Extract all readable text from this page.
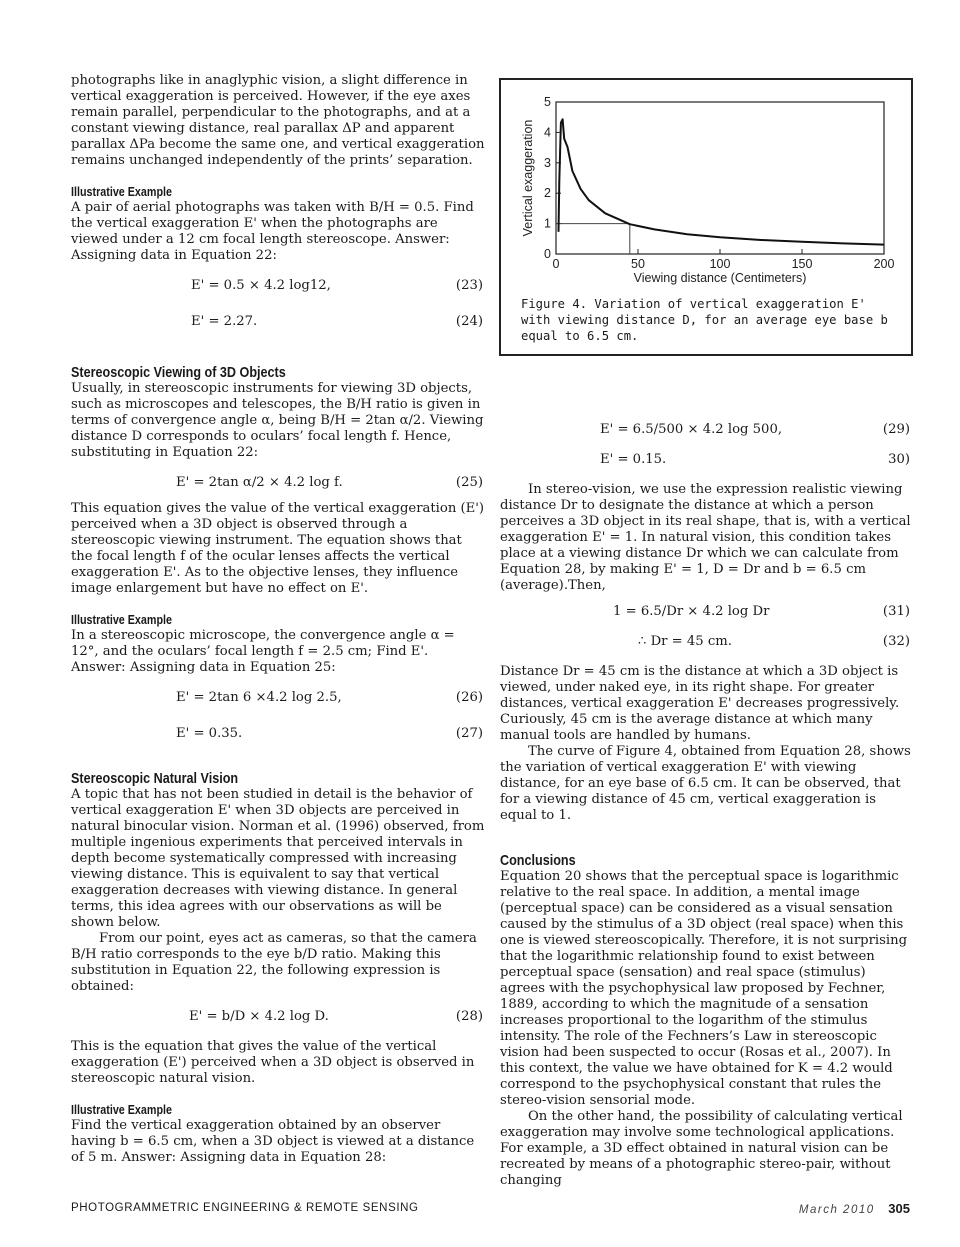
photographs like in anaglyphic vision, a slight difference in vertical exaggeration is perceived. However, if the eye axes remain parallel, perpendicular to the photographs, and at a constant viewing distance, real parallax ΔP and apparent parallax ΔPa become the same one, and vertical exaggeration remains unchanged independently of the prints’ separation.

Illustrative Example

A pair of aerial photographs was taken with B/H = 0.5. Find the vertical exaggeration E' when the photographs are viewed under a 12 cm focal length stereoscope. Answer: Assigning data in Equation 22:

E' = 0.5 × 4.2 log12,	(23)
E' = 2.27.	(24)
Stereoscopic Viewing of 3D Objects

Usually, in stereoscopic instruments for viewing 3D objects, such as microscopes and telescopes, the B/H ratio is given in terms of convergence angle α, being B/H = 2tan α/2. Viewing distance D corresponds to oculars’ focal length f. Hence, substituting in Equation 22:

E' = 2tan α/2 × 4.2 log f.	(25)

This equation gives the value of the vertical exaggeration (E') perceived when a 3D object is observed through a stereoscopic viewing instrument. The equation shows that the focal length f of the ocular lenses affects the vertical exaggeration E'. As to the objective lenses, they influence image enlargement but have no effect on E'.

Illustrative Example

In a stereoscopic microscope, the convergence angle α = 12°, and the oculars’ focal length f = 2.5 cm; Find E'. Answer: Assigning data in Equation 25:

E' = 2tan 6 ×4.2 log 2.5,	(26)
E' = 0.35.	(27)
Stereoscopic Natural Vision

A topic that has not been studied in detail is the behavior of vertical exaggeration E' when 3D objects are perceived in natural binocular vision. Norman et al. (1996) observed, from multiple ingenious experiments that perceived intervals in depth become systematically compressed with increasing viewing distance. This is equivalent to say that vertical exaggeration decreases with viewing distance. In general terms, this idea agrees with our observations as will be shown below.

From our point, eyes act as cameras, so that the camera B/H ratio corresponds to the eye b/D ratio. Making this substitution in Equation 22, the following expression is obtained:

E' = b/D × 4.2 log D.	(28)

This is the equation that gives the value of the vertical exaggeration (E') perceived when a 3D object is observed in stereoscopic natural vision.

Illustrative Example

Find the vertical exaggeration obtained by an observer having b = 6.5 cm, when a 3D object is viewed at a distance of 5 m. Answer: Assigning data in Equation 28:

0	50	100	150	200
0
1
2
3
4
5
Viewing distance (Centimeters)
Vertical exaggeration
Figure 4. Variation of vertical exaggeration E' with viewing distance D, for an average eye base b equal to 6.5 cm.
E' = 6.5/500 × 4.2 log 500,	(29)
E' = 0.15.	30)

In stereo-vision, we use the expression realistic viewing distance Dr to designate the distance at which a person perceives a 3D object in its real shape, that is, with a vertical exaggeration E' = 1. In natural vision, this condition takes place at a viewing distance Dr which we can calculate from Equation 28, by making E' = 1, D = Dr and b = 6.5 cm (average).Then,

1 = 6.5/Dr × 4.2 log Dr	(31)
∴ Dr = 45 cm.	(32)

Distance Dr = 45 cm is the distance at which a 3D object is viewed, under naked eye, in its right shape. For greater distances, vertical exaggeration E' decreases progressively. Curiously, 45 cm is the average distance at which many manual tools are handled by humans.

The curve of Figure 4, obtained from Equation 28, shows the variation of vertical exaggeration E' with viewing distance, for an eye base of 6.5 cm. It can be observed, that for a viewing distance of 45 cm, vertical exaggeration is equal to 1.

Conclusions

Equation 20 shows that the perceptual space is logarithmic relative to the real space. In addition, a mental image (perceptual space) can be considered as a visual sensation caused by the stimulus of a 3D object (real space) when this one is viewed stereoscopically. Therefore, it is not surprising that the logarithmic relationship found to exist between perceptual space (sensation) and real space (stimulus) agrees with the psychophysical law proposed by Fechner, 1889, according to which the magnitude of a sensation increases proportional to the logarithm of the stimulus intensity. The role of the Fechners’s Law in stereoscopic vision had been suspected to occur (Rosas et al., 2007). In this context, the value we have obtained for K = 4.2 would correspond to the psychophysical constant that rules the stereo-vision sensorial mode.

On the other hand, the possibility of calculating vertical exaggeration may involve some technological applications. For example, a 3D effect obtained in natural vision can be recreated by means of a photographic stereo-pair, without changing

PHOTOGRAMMETRIC ENGINEERING & REMOTE SENSING	March 2010 305
